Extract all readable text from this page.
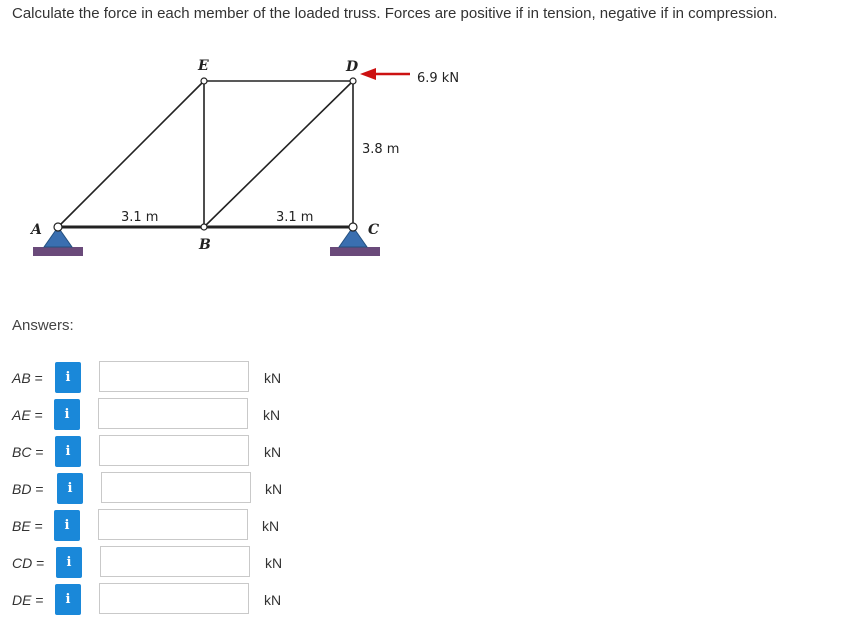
Calculate the force in each member of the loaded truss. Forces are positive if in tension, negative if in compression.
A
B
C
D
E
6.9 kN
3.8 m
3.1 m	3.1 m
Answers:
AB =	i	kN
AE =	i	kN
BC =	i	kN
BD =	i	kN
BE =	i	kN
CD =	i	kN
DE =	i	kN
